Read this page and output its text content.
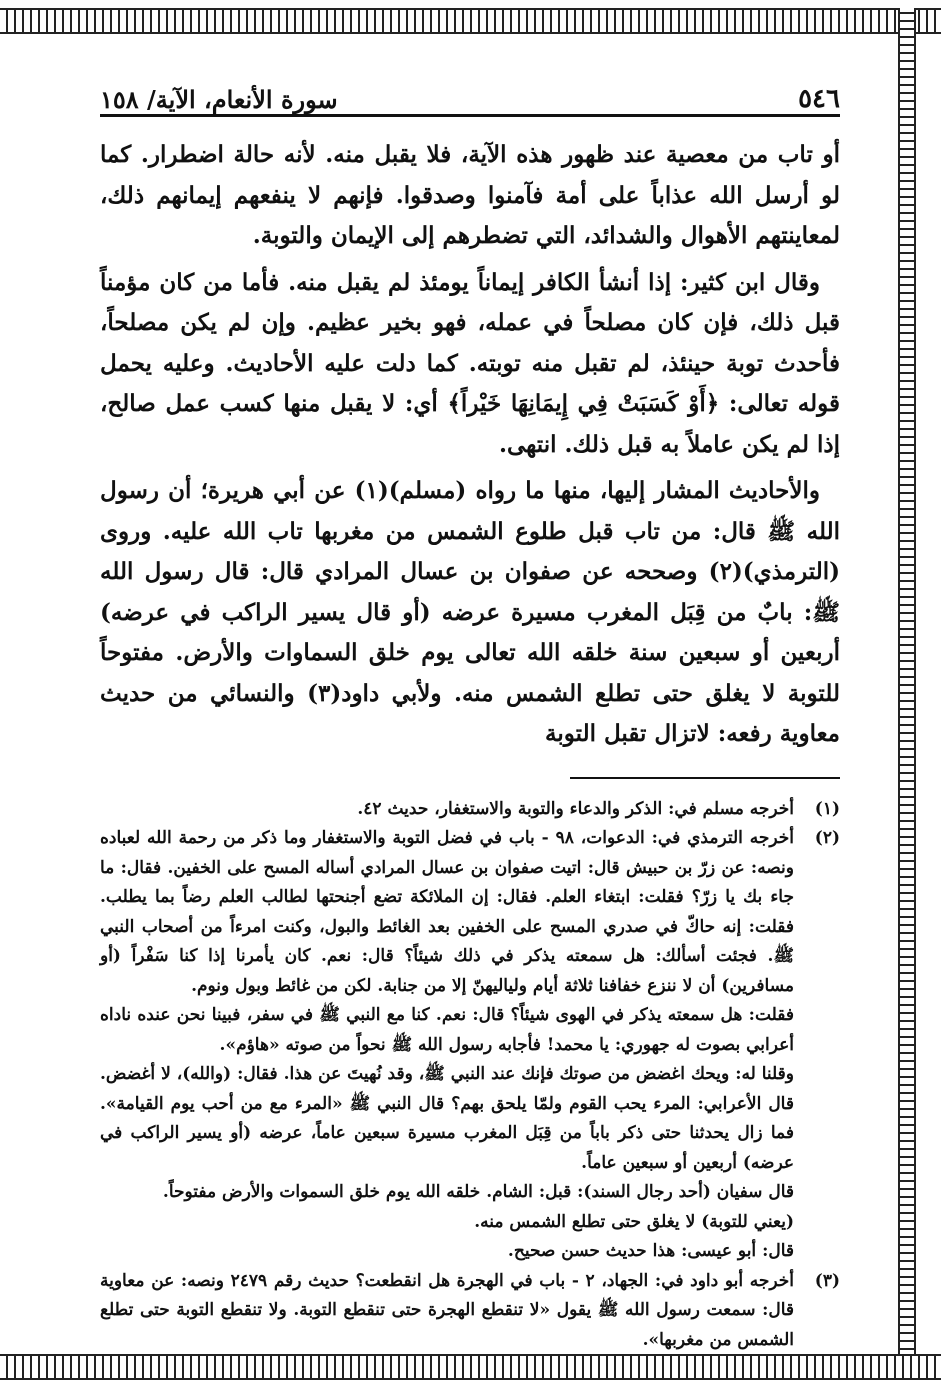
٥٤٦
سورة الأنعام، الآية/ ١٥٨

أو تاب من معصية عند ظهور هذه الآية، فلا يقبل منه. لأنه حالة اضطرار. كما لو أرسل الله عذاباً على أمة فآمنوا وصدقوا. فإنهم لا ينفعهم إيمانهم ذلك، لمعاينتهم الأهوال والشدائد، التي تضطرهم إلى الإيمان والتوبة.

وقال ابن كثير: إذا أنشأ الكافر إيماناً يومئذ لم يقبل منه. فأما من كان مؤمناً قبل ذلك، فإن كان مصلحاً في عمله، فهو بخير عظيم. وإن لم يكن مصلحاً، فأحدث توبة حينئذ، لم تقبل منه توبته. كما دلت عليه الأحاديث. وعليه يحمل قوله تعالى: ﴿أَوْ كَسَبَتْ فِي إِيمَانِهَا خَيْراً﴾ أي: لا يقبل منها كسب عمل صالح، إذا لم يكن عاملاً به قبل ذلك. انتهى.

والأحاديث المشار إليها، منها ما رواه (مسلم)(١) عن أبي هريرة؛ أن رسول الله ﷺ قال: من تاب قبل طلوع الشمس من مغربها تاب الله عليه. وروى (الترمذي)(٢) وصححه عن صفوان بن عسال المرادي قال: قال رسول الله ﷺ: بابٌ من قِبَل المغرب مسيرة عرضه (أو قال يسير الراكب في عرضه) أربعين أو سبعين سنة خلقه الله تعالى يوم خلق السماوات والأرض. مفتوحاً للتوبة لا يغلق حتى تطلع الشمس منه. ولأبي داود(٣) والنسائي من حديث معاوية رفعه: لاتزال تقبل التوبة

(١)

أخرجه مسلم في: الذكر والدعاء والتوبة والاستغفار، حديث ٤٢.

(٢)

أخرجه الترمذي في: الدعوات، ٩٨ - باب في فضل التوبة والاستغفار وما ذكر من رحمة الله لعباده ونصه: عن زرّ بن حبيش قال: اتيت صفوان بن عسال المرادي أساله المسح على الخفين. فقال: ما جاء بك يا زرّ؟ فقلت: ابتغاء العلم. فقال: إن الملائكة تضع أجنحتها لطالب العلم رضاً بما يطلب. فقلت: إنه حاكّ في صدري المسح على الخفين بعد الغائط والبول، وكنت امرءاً من أصحاب النبي ﷺ. فجئت أسألك: هل سمعته يذكر في ذلك شيئاً؟ قال: نعم. كان يأمرنا إذا كنا سَفْراً (أو مسافرين) أن لا ننزع خفافنا ثلاثة أيام ولياليهنّ إلا من جنابة. لكن من غائط وبول ونوم.

فقلت: هل سمعته يذكر في الهوى شيئاً؟ قال: نعم. كنا مع النبي ﷺ في سفر، فبينا نحن عنده ناداه أعرابي بصوت له جهوري: يا محمد! فأجابه رسول الله ﷺ نحواً من صوته «هاؤم».

وقلنا له: ويحك اغضض من صوتك فإنك عند النبي ﷺ، وقد نُهيتَ عن هذا. فقال: (والله)، لا أغضض. قال الأعرابي: المرء يحب القوم ولمّا يلحق بهم؟ قال النبي ﷺ «المرء مع من أحب يوم القيامة». فما زال يحدثنا حتى ذكر باباً من قِبَل المغرب مسيرة سبعين عاماً، عرضه (أو يسير الراكب في عرضه) أربعين أو سبعين عاماً.

قال سفيان (أحد رجال السند): قبل: الشام. خلقه الله يوم خلق السموات والأرض مفتوحاً.

(يعني للتوبة) لا يغلق حتى تطلع الشمس منه.

قال: أبو عيسى: هذا حديث حسن صحيح.

(٣)

أخرجه أبو داود في: الجهاد، ٢ - باب في الهجرة هل انقطعت؟ حديث رقم ٢٤٧٩ ونصه: عن معاوية قال: سمعت رسول الله ﷺ يقول «لا تنقطع الهجرة حتى تنقطع التوبة. ولا تنقطع التوبة حتى تطلع الشمس من مغربها».
